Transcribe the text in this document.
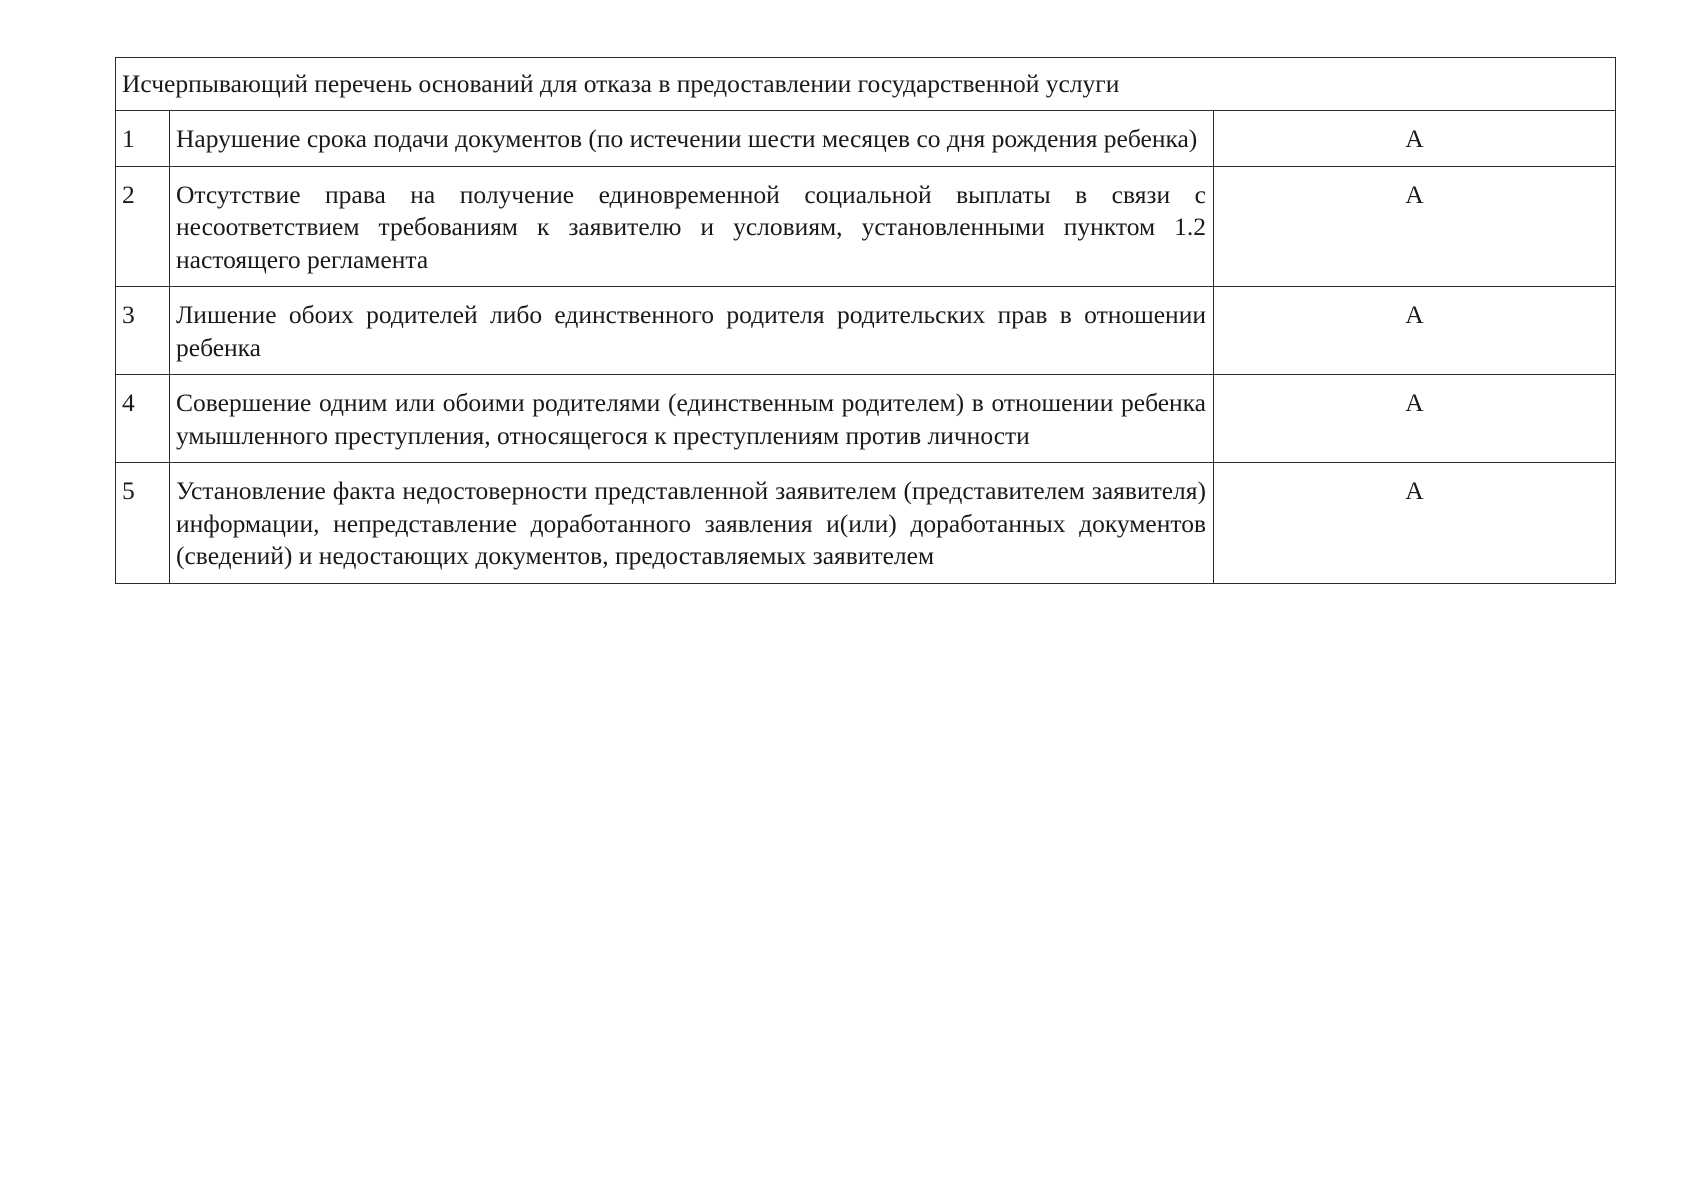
Исчерпывающий перечень оснований для отказа в предоставлении государственной услуги		
1	Нарушение срока подачи документов (по истечении шести месяцев со дня рождения ребенка)	А
2	Отсутствие права на получение единовременной социальной выплаты в связи с несоответствием требованиям к заявителю и условиям, установленными пунктом 1.2 настоящего регламента	А
3	Лишение обоих родителей либо единственного родителя родительских прав в отношении ребенка	А
4	Совершение одним или обоими родителями (единственным родителем) в отношении ребенка умышленного преступления, относящегося к преступлениям против личности	А
5	Установление факта недостоверности представленной заявителем (представителем заявителя) информации, непредставление доработанного заявления и(или) доработанных документов (сведений) и недостающих документов, предоставляемых заявителем	А
